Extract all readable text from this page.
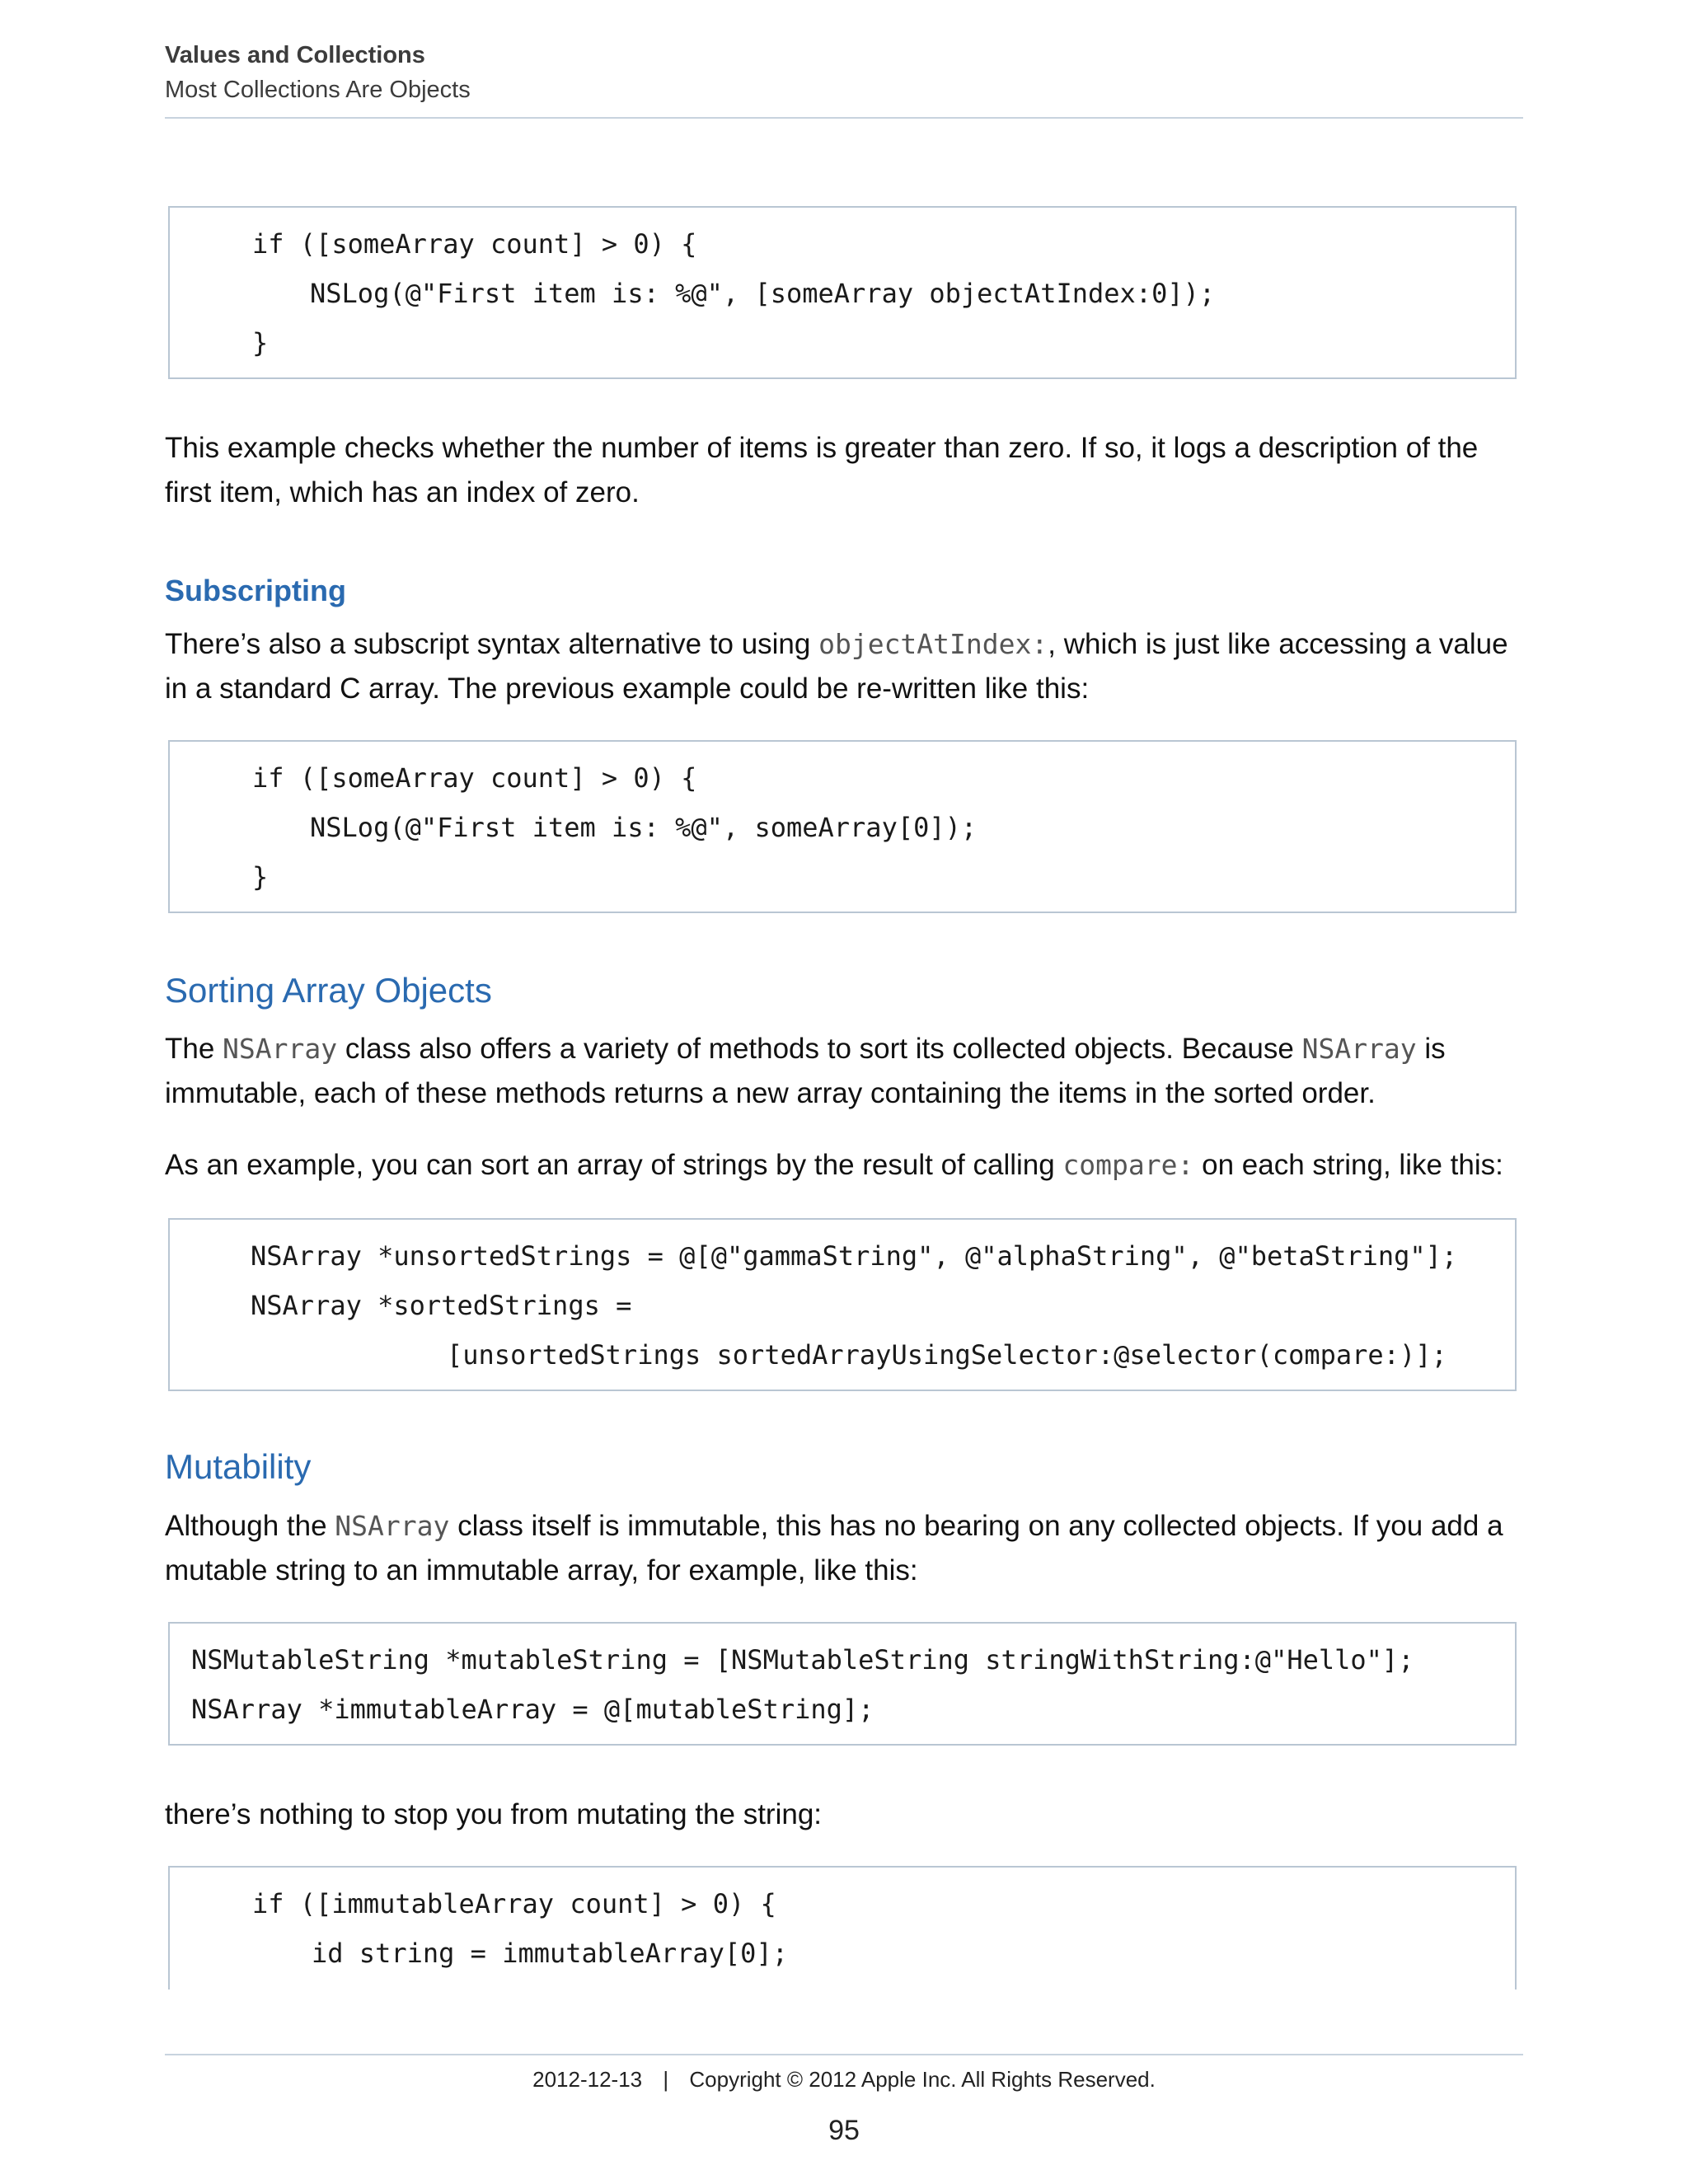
Values and Collections
Most Collections Are Objects
if ([someArray count] > 0) {
NSLog(@"First item is: %@", [someArray objectAtIndex:0]);
}
This example checks whether the number of items is greater than zero. If so, it logs a description of the first item, which has an index of zero.
Subscripting
There’s also a subscript syntax alternative to using objectAtIndex:, which is just like accessing a value in a standard C array. The previous example could be re-written like this:
if ([someArray count] > 0) {
NSLog(@"First item is: %@", someArray[0]);
}
Sorting Array Objects
The NSArray class also offers a variety of methods to sort its collected objects. Because NSArray is immutable, each of these methods returns a new array containing the items in the sorted order.
As an example, you can sort an array of strings by the result of calling compare: on each string, like this:
NSArray *unsortedStrings = @[@"gammaString", @"alphaString", @"betaString"];
NSArray *sortedStrings =
[unsortedStrings sortedArrayUsingSelector:@selector(compare:)];
Mutability
Although the NSArray class itself is immutable, this has no bearing on any collected objects. If you add a mutable string to an immutable array, for example, like this:
NSMutableString *mutableString = [NSMutableString stringWithString:@"Hello"];
NSArray *immutableArray = @[mutableString];
there’s nothing to stop you from mutating the string:
if ([immutableArray count] > 0) {
id string = immutableArray[0];
2012-12-13 | Copyright © 2012 Apple Inc. All Rights Reserved.
95
